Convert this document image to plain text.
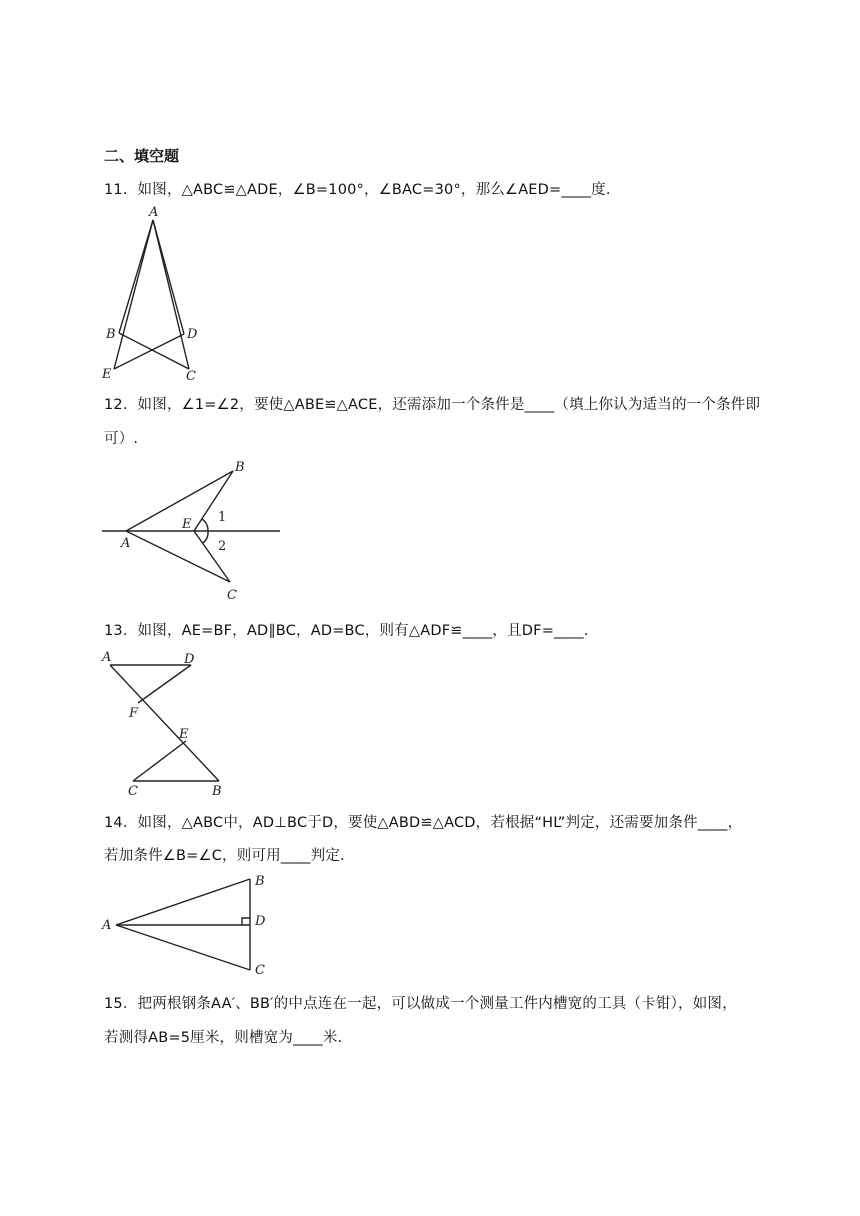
二、填空题
11．如图，△ABC≌△ADE，∠B=100°，∠BAC=30°，那么∠AED=____度.
A
B	D
E	C
12．如图，∠1=∠2，要使△ABE≌△ACE，还需添加一个条件是____（填上你认为适当的一个条件即
可）.
B
E
A
C
1
2
13．如图，AE=BF，AD∥BC，AD=BC，则有△ADF≌____，且DF=____.
A	D
F
E
C	B
14．如图，△ABC中，AD⊥BC于D，要使△ABD≌△ACD，若根据“HL”判定，还需要加条件____，
若加条件∠B=∠C，则可用____判定.
A
B
D
C
15．把两根钢条AA′、BB′的中点连在一起，可以做成一个测量工件内槽宽的工具（卡钳），如图，
若测得AB=5厘米，则槽宽为____米.
